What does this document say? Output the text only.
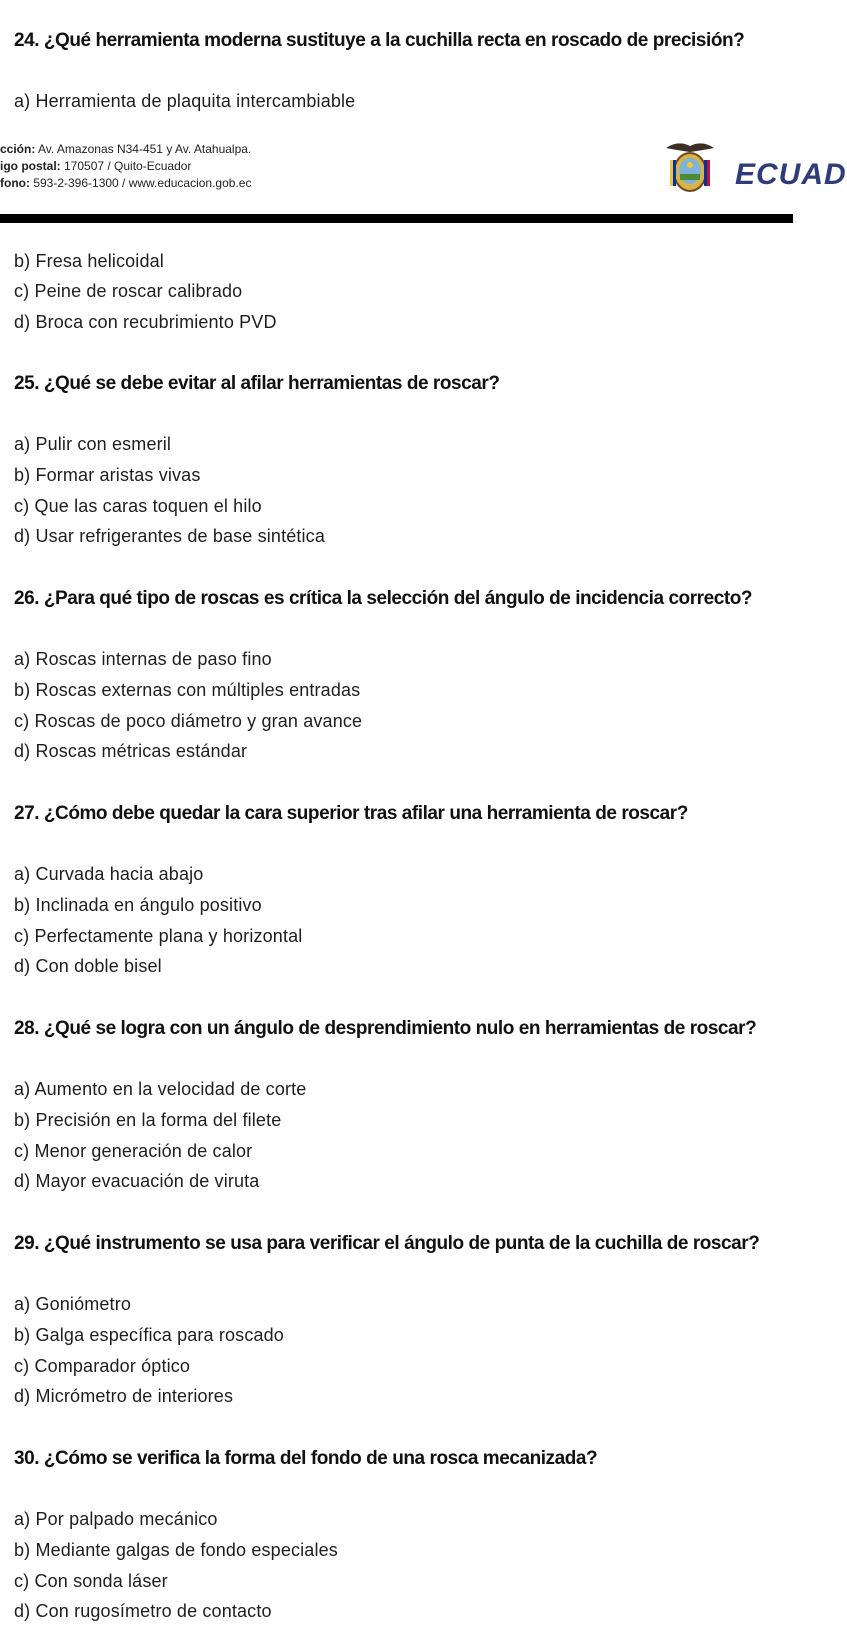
24. ¿Qué herramienta moderna sustituye a la cuchilla recta en roscado de precisión?
a) Herramienta de plaquita intercambiable
cción: Av. Amazonas N34-451 y Av. Atahualpa.
igo postal: 170507 / Quito-Ecuador
fono: 593-2-396-1300 / www.educacion.gob.ec	ECUAD
b) Fresa helicoidal
c) Peine de roscar calibrado
d) Broca con recubrimiento PVD
25. ¿Qué se debe evitar al afilar herramientas de roscar?
a) Pulir con esmeril
b) Formar aristas vivas
c) Que las caras toquen el hilo
d) Usar refrigerantes de base sintética
26. ¿Para qué tipo de roscas es crítica la selección del ángulo de incidencia correcto?
a) Roscas internas de paso fino
b) Roscas externas con múltiples entradas
c) Roscas de poco diámetro y gran avance
d) Roscas métricas estándar
27. ¿Cómo debe quedar la cara superior tras afilar una herramienta de roscar?
a) Curvada hacia abajo
b) Inclinada en ángulo positivo
c) Perfectamente plana y horizontal
d) Con doble bisel
28. ¿Qué se logra con un ángulo de desprendimiento nulo en herramientas de roscar?
a) Aumento en la velocidad de corte
b) Precisión en la forma del filete
c) Menor generación de calor
d) Mayor evacuación de viruta
29. ¿Qué instrumento se usa para verificar el ángulo de punta de la cuchilla de roscar?
a) Goniómetro
b) Galga específica para roscado
c) Comparador óptico
d) Micrómetro de interiores
30. ¿Cómo se verifica la forma del fondo de una rosca mecanizada?
a) Por palpado mecánico
b) Mediante galgas de fondo especiales
c) Con sonda láser
d) Con rugosímetro de contacto
